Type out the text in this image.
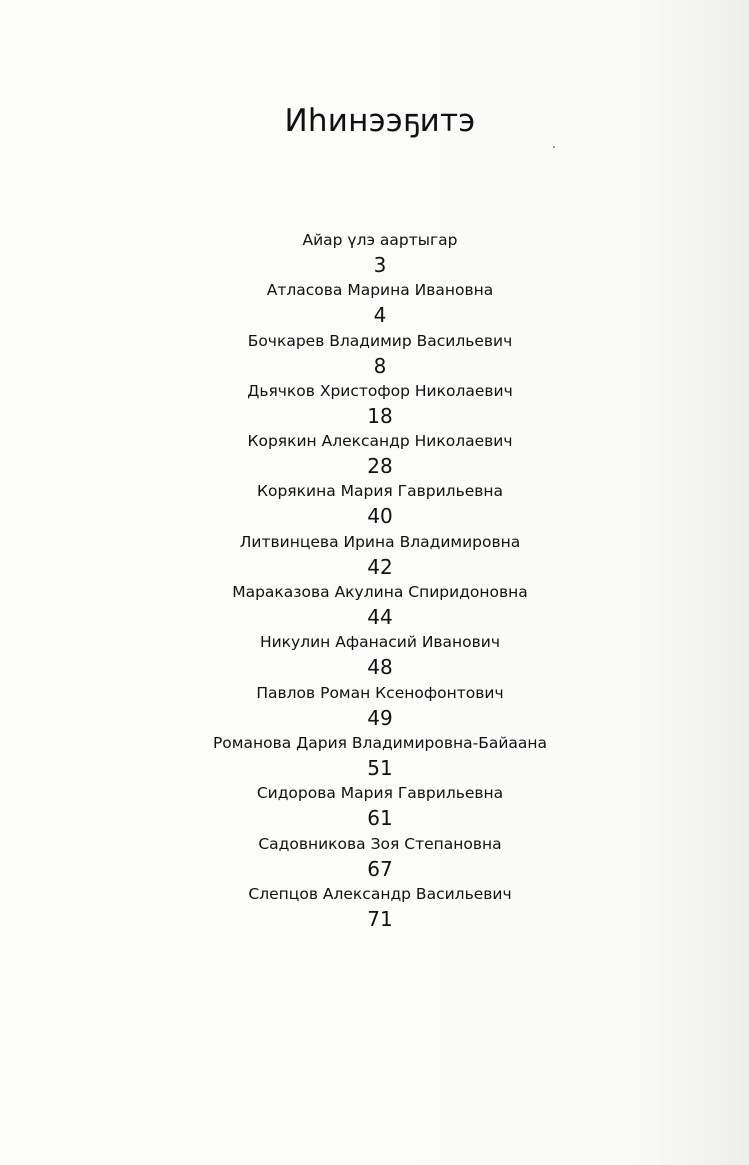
Иһинээҕитэ
Айар үлэ аартыгар
3
Атласова Марина Ивановна
4
Бочкарев Владимир Васильевич
8
Дьячков Христофор Николаевич
18
Корякин Александр Николаевич
28
Корякина Мария Гаврильевна
40
Литвинцева Ирина Владимировна
42
Мараказова Акулина Спиридоновна
44
Никулин Афанасий Иванович
48
Павлов Роман Ксенофонтович
49
Романова Дария Владимировна-Байаана
51
Сидорова Мария Гаврильевна
61
Садовникова Зоя Степановна
67
Слепцов Александр Васильевич
71
